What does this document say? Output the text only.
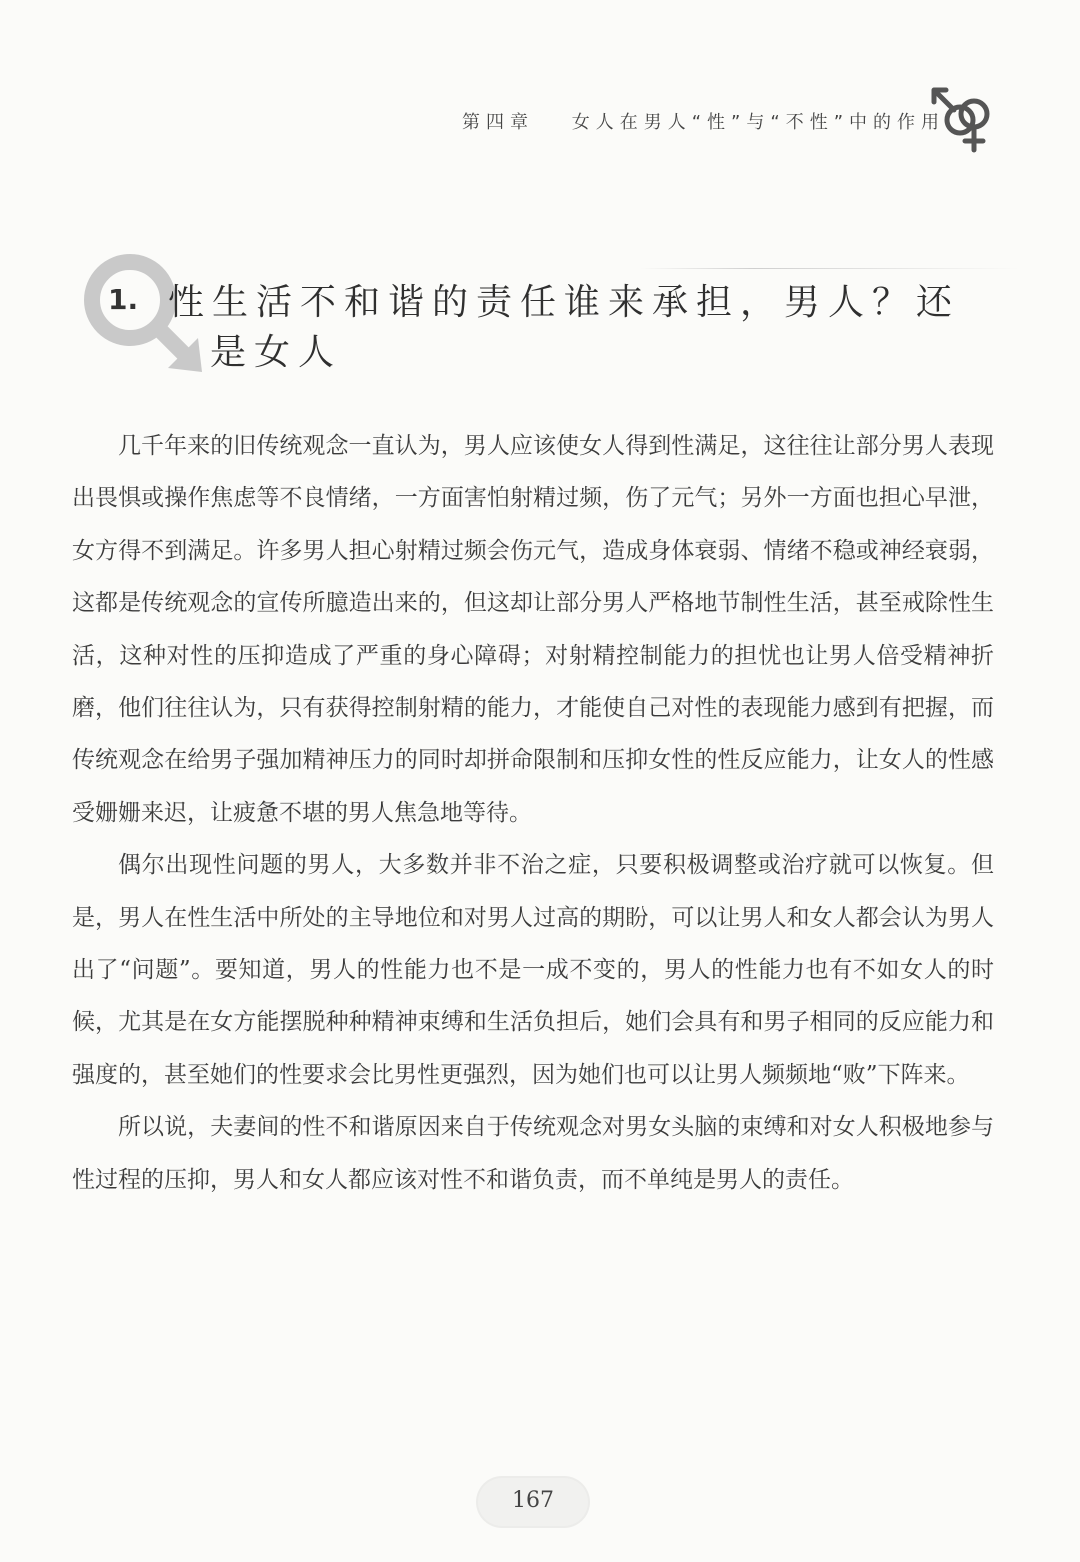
第四章 女人在男人“性”与“不性”中的作用
1. 性生活不和谐的责任谁来承担，男人？还
是女人

几千年来的旧传统观念一直认为，男人应该使女人得到性满足，这往往让部分男人表现出畏惧或操作焦虑等不良情绪，一方面害怕射精过频，伤了元气；另外一方面也担心早泄，女方得不到满足。许多男人担心射精过频会伤元气，造成身体衰弱、情绪不稳或神经衰弱，这都是传统观念的宣传所臆造出来的，但这却让部分男人严格地节制性生活，甚至戒除性生活，这种对性的压抑造成了严重的身心障碍；对射精控制能力的担忧也让男人倍受精神折磨，他们往往认为，只有获得控制射精的能力，才能使自己对性的表现能力感到有把握，而传统观念在给男子强加精神压力的同时却拼命限制和压抑女性的性反应能力，让女人的性感受姗姗来迟，让疲惫不堪的男人焦急地等待。

偶尔出现性问题的男人，大多数并非不治之症，只要积极调整或治疗就可以恢复。但是，男人在性生活中所处的主导地位和对男人过高的期盼，可以让男人和女人都会认为男人出了“问题”。要知道，男人的性能力也不是一成不变的，男人的性能力也有不如女人的时候，尤其是在女方能摆脱种种精神束缚和生活负担后，她们会具有和男子相同的反应能力和强度的，甚至她们的性要求会比男性更强烈，因为她们也可以让男人频频地“败”下阵来。

所以说，夫妻间的性不和谐原因来自于传统观念对男女头脑的束缚和对女人积极地参与性过程的压抑，男人和女人都应该对性不和谐负责，而不单纯是男人的责任。

167
